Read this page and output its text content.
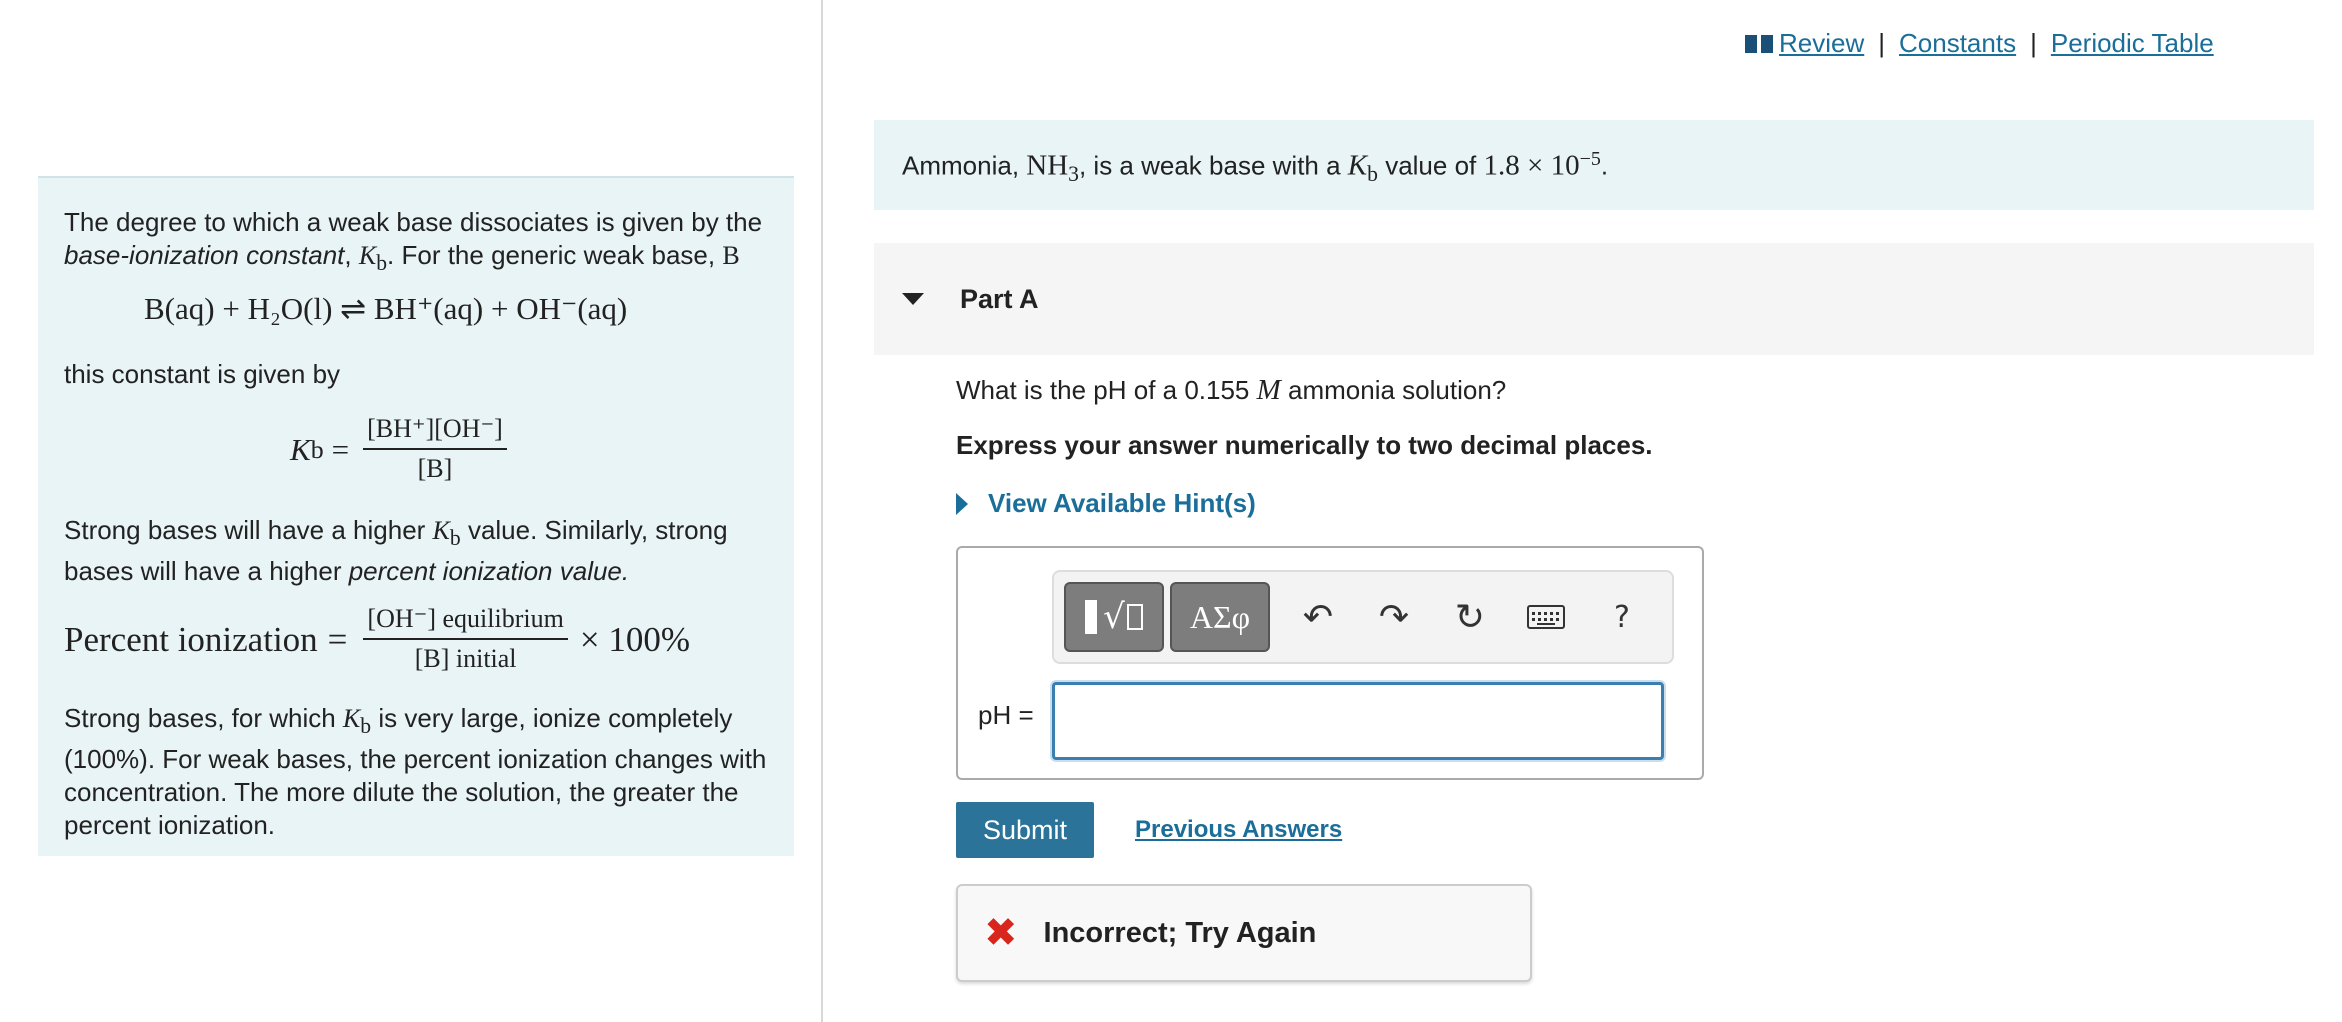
The degree to which a weak base dissociates is given by the
base-ionization constant, $K_b$. For the generic weak base, B

B(aq) + H₂O(l) ⇌ BH⁺(aq) + OH⁻(aq)

this constant is given by

K $b = \frac{[BH^+][OH^-]}{[B]}$

Strong bases will have a higher $K_b$ value. Similarly, strong bases will have a higher percent ionization value.

Percent ionization = $\frac{\text{[OH⁻] equilibrium}}{\text{[B] initial}} \times 100\%$

Strong bases, for which $K_b$ is very large, ionize completely (100%). For weak bases, the percent ionization changes with concentration. The more dilute the solution, the greater the percent ionization.

Review | Constants | Periodic Table
Ammonia, $NH_3$, is a weak base with a $K_b$ value of $1.8 \times 10^{-5}$.
Part A
What is the pH of a 0.155 M ammonia solution?
Express your answer numerically to two decimal places.
View Available Hint(s)
√	ΑΣφ	↶	↷	↻	?
pH =
Submit	Previous Answers
✖ Incorrect; Try Again
